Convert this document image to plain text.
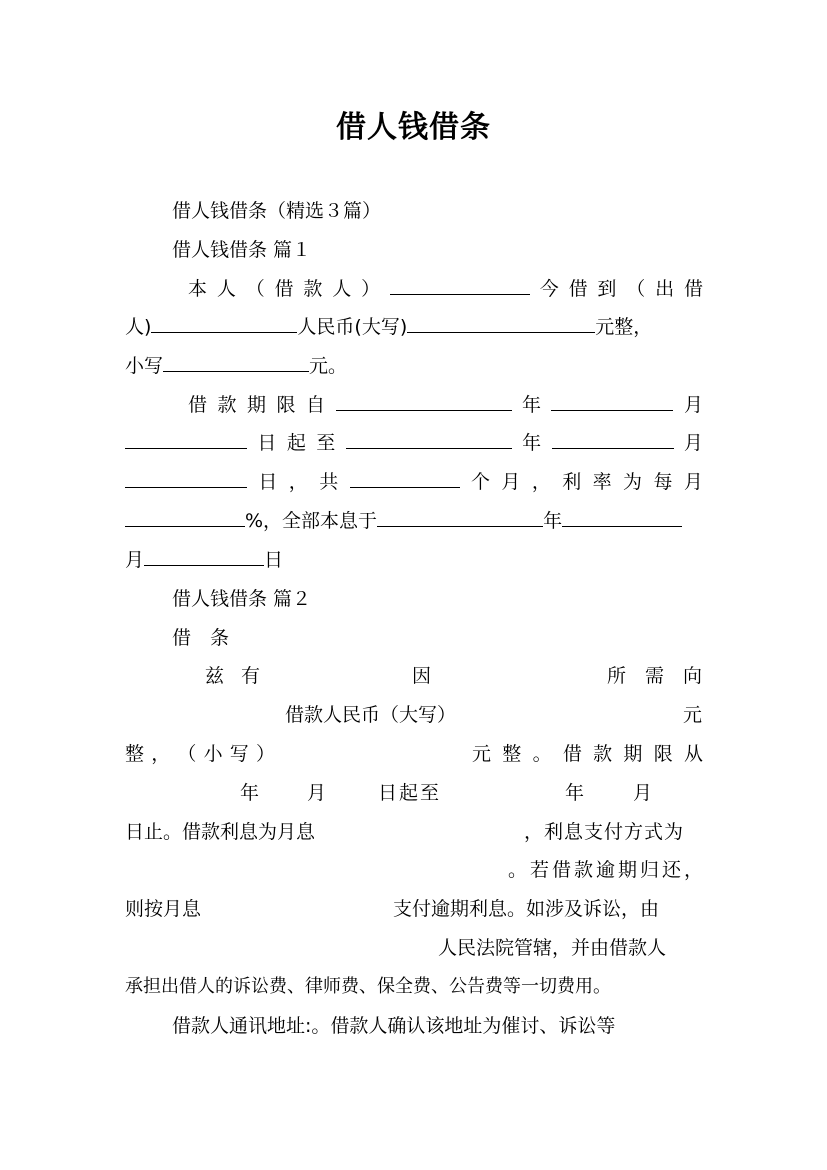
借人钱借条
借人钱借条（精选３篇）
借人钱借条 篇１
本 人 （ 借 款 人 ）	今 借 到 （ 出 借
人)	人民币(大写)	元整，
小写	元。
借 款 期 限 自	年	月
日 起 至	年	月
日 ， 共	个 月 ， 利 率 为 每 月
%，全部本息于	年
月	日
借人钱借条 篇２
借　条
兹 有	因	所 需 向
借款人民币（大写）	元
整 ， （ 小 写 ）	元 整 。 借 款 期 限 从
年	月	日起至	年	月
日止。借款利息为月息	，利息支付方式为
。若借款逾期归还，
则按月息	支付逾期利息。如涉及诉讼，由
人民法院管辖，并由借款人
承担出借人的诉讼费、律师费、保全费、公告费等一切费用。
借款人通讯地址:。借款人确认该地址为催讨、诉讼等
